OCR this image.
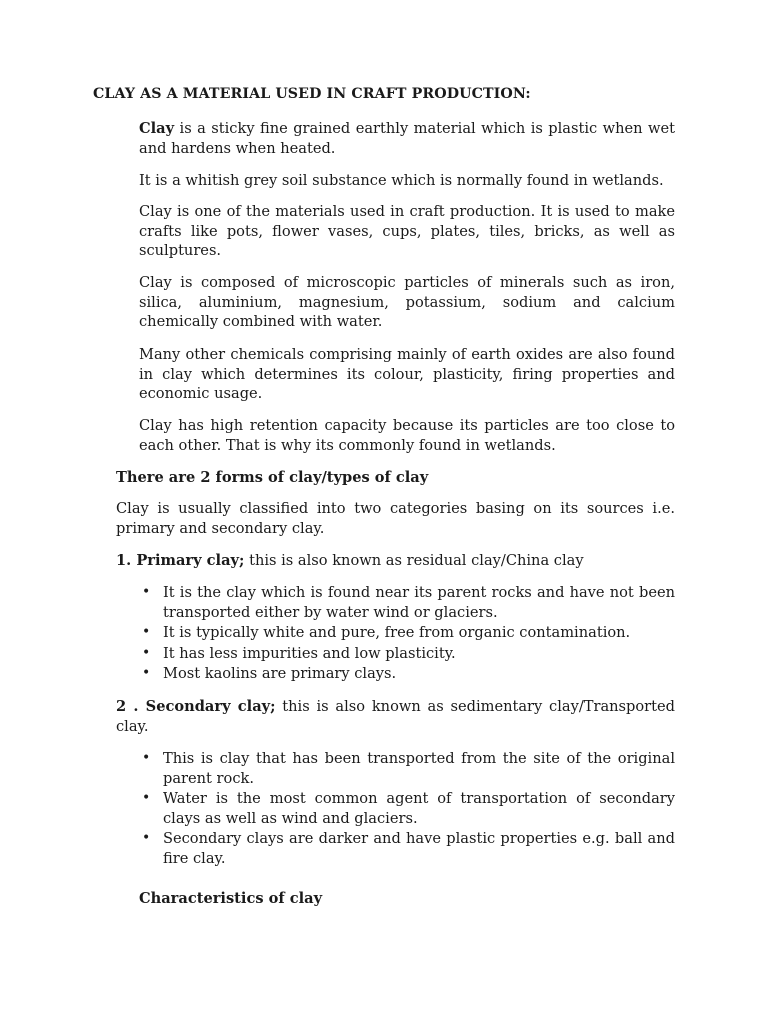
CLAY AS A MATERIAL USED IN CRAFT PRODUCTION:

Clay is a sticky fine grained earthly material which is plastic when wet and hardens when heated.

It is a whitish grey soil substance which is normally found in wetlands.

Clay is one of the materials used in craft production. It is used to make crafts like pots, flower vases, cups, plates, tiles, bricks, as well as sculptures.

Clay is composed of microscopic particles of minerals such as iron, silica, aluminium, magnesium, potassium, sodium and calcium chemically combined with water.

Many other chemicals comprising mainly of earth oxides are also found in clay which determines its colour, plasticity, firing properties and economic usage.

Clay has high retention capacity because its particles are too close to each other. That is why its commonly found in wetlands.

There are 2 forms of clay/types of clay

Clay is usually classified into two categories basing on its sources i.e. primary and secondary clay.

1. Primary clay; this is also known as residual clay/China clay

• It is the clay which is found near its parent rocks and have not been transported either by water wind or glaciers.
• It is typically white and pure, free from organic contamination.
• It has less impurities and low plasticity.
• Most kaolins are primary clays.

2 . Secondary clay; this is also known as sedimentary clay/Transported clay.

• This is clay that has been transported from the site of the original parent rock.
• Water is the most common agent of transportation of secondary clays as well as wind and glaciers.
• Secondary clays are darker and have plastic properties e.g. ball and fire clay.

Characteristics of clay
